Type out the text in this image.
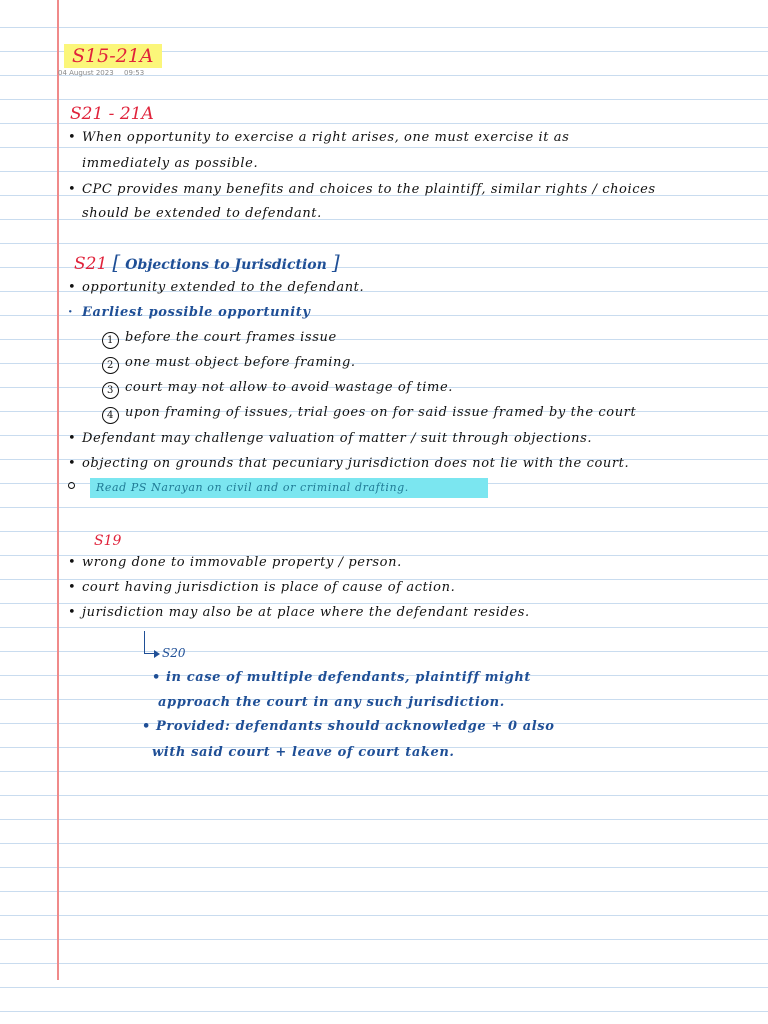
S15-21A
04 August 2023 09:53
S21 - 21A
• When opportunity to exercise a right arises, one must exercise it as
immediately as possible.
• CPC provides many benefits and choices to the plaintiff, similar rights / choices
should be extended to defendant.
S21 [ Objections to Jurisdiction ]
• opportunity extended to the defendant.
· Earliest possible opportunity
1 before the court frames issue
2 one must object before framing.
3 court may not allow to avoid wastage of time.
4 upon framing of issues, trial goes on for said issue framed by the court
• Defendant may challenge valuation of matter / suit through objections.
• objecting on grounds that pecuniary jurisdiction does not lie with the court.
Read PS Narayan on civil and or criminal drafting.
S19
• wrong done to immovable property / person.
• court having jurisdiction is place of cause of action.
• jurisdiction may also be at place where the defendant resides.
S20
• in case of multiple defendants, plaintiff might
approach the court in any such jurisdiction.
• Provided: defendants should acknowledge + 0 also
with said court + leave of court taken.
